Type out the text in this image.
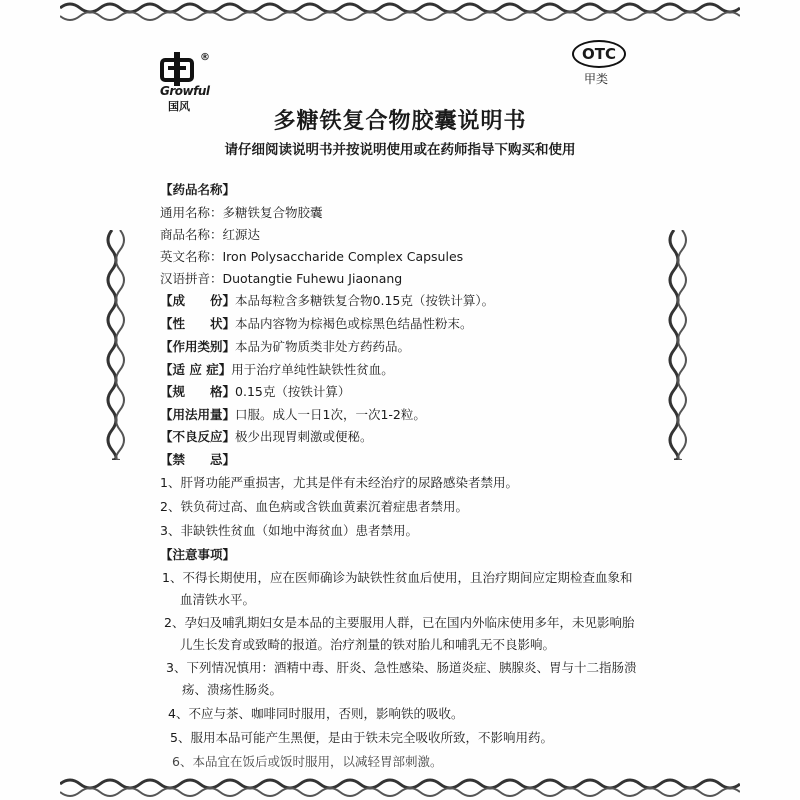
®
Growful
国风
OTC
甲类
多糖铁复合物胶囊说明书
请仔细阅读说明书并按说明使用或在药师指导下购买和使用
【药品名称】
通用名称：多糖铁复合物胶囊
商品名称：红源达
英文名称：Iron Polysaccharide Complex Capsules
汉语拼音：Duotangtie Fuhewu Jiaonang
【成　　份】本品每粒含多糖铁复合物0.15克（按铁计算）。
【性　　状】本品内容物为棕褐色或棕黑色结晶性粉末。
【作用类别】本品为矿物质类非处方药药品。
【适 应 症】用于治疗单纯性缺铁性贫血。
【规　　格】0.15克（按铁计算）
【用法用量】口服。成人一日1次，一次1-2粒。
【不良反应】极少出现胃刺激或便秘。
【禁　　忌】
1、肝肾功能严重损害，尤其是伴有未经治疗的尿路感染者禁用。
2、铁负荷过高、血色病或含铁血黄素沉着症患者禁用。
3、非缺铁性贫血（如地中海贫血）患者禁用。
【注意事项】
1、不得长期使用，应在医师确诊为缺铁性贫血后使用，且治疗期间应定期检查血象和
血清铁水平。
2、孕妇及哺乳期妇女是本品的主要服用人群，已在国内外临床使用多年，未见影响胎
儿生长发育或致畸的报道。治疗剂量的铁对胎儿和哺乳无不良影响。
3、下列情况慎用：酒精中毒、肝炎、急性感染、肠道炎症、胰腺炎、胃与十二指肠溃
疡、溃疡性肠炎。
4、不应与茶、咖啡同时服用，否则，影响铁的吸收。
5、服用本品可能产生黑便，是由于铁未完全吸收所致，不影响用药。
6、本品宜在饭后或饭时服用，以减轻胃部刺激。
